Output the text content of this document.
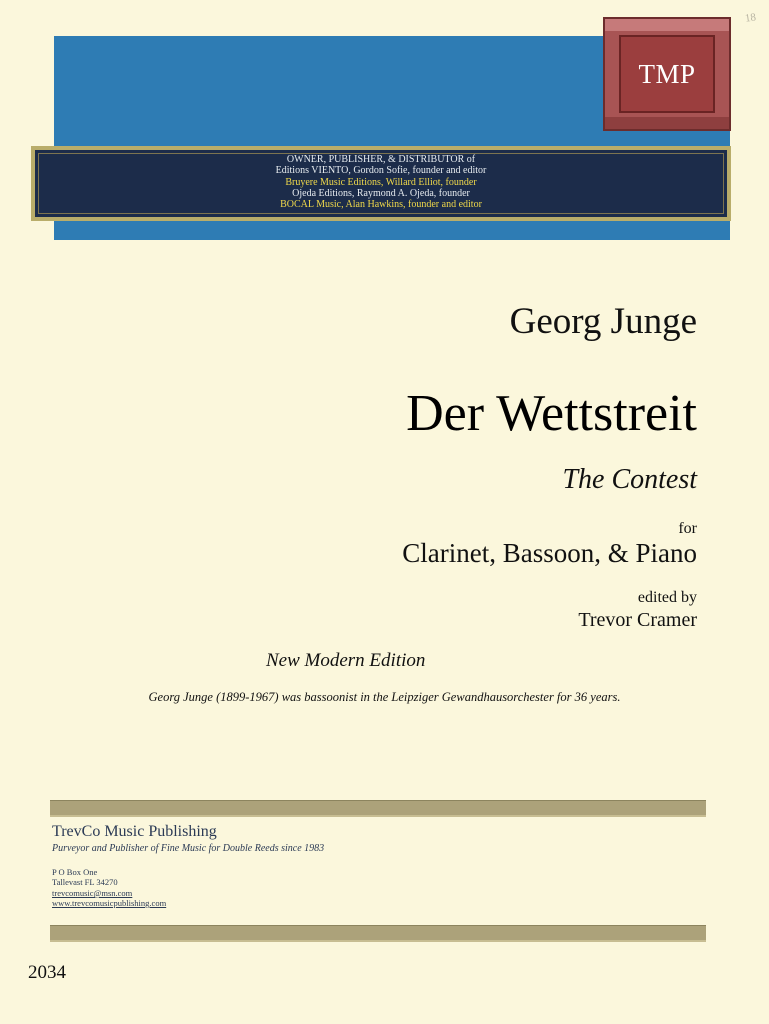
18
OWNER, PUBLISHER, & DISTRIBUTOR of
Editions VIENTO, Gordon Sofie, founder and editor
Bruyere Music Editions, Willard Elliot, founder
Ojeda Editions, Raymond A. Ojeda, founder
BOCAL Music, Alan Hawkins, founder and editor
TMP
Georg Junge
Der Wettstreit
The Contest
for
Clarinet, Bassoon, & Piano
edited by
Trevor Cramer
New Modern Edition
Georg Junge (1899-1967) was bassoonist in the Leipziger Gewandhausorchester for 36 years.
TrevCo Music Publishing
Purveyor and Publisher of Fine Music for Double Reeds since 1983
P O Box One
Tallevast FL 34270
trevcomusic@msn.com
www.trevcomusicpublishing.com
2034
